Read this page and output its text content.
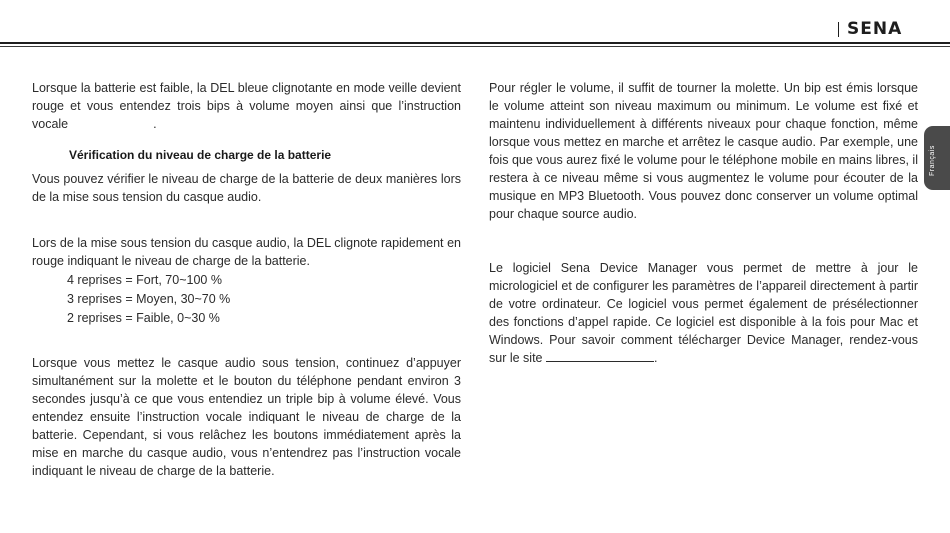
SENA
Français
Lorsque la batterie est faible, la DEL bleue clignotante en mode veille devient rouge et vous entendez trois bips à volume moyen ainsi que l’instruction vocale	.
Vérification du niveau de charge de la batterie
Vous pouvez vérifier le niveau de charge de la batterie de deux manières lors de la mise sous tension du casque audio.
Lors de la mise sous tension du casque audio, la DEL clignote rapidement en rouge indiquant le niveau de charge de la batterie.
4 reprises = Fort, 70~100 %
3 reprises = Moyen, 30~70 %
2 reprises = Faible, 0~30 %
Lorsque vous mettez le casque audio sous tension, continuez d’appuyer simultanément sur la molette et le bouton du téléphone pendant environ 3 secondes jusqu’à ce que vous entendiez un triple bip à volume élevé. Vous entendez ensuite l’instruction vocale indiquant le niveau de charge de la batterie. Cependant, si vous relâchez les boutons immédiatement après la mise en marche du casque audio, vous n’entendrez pas l’instruction vocale indiquant le niveau de charge de la batterie.
Pour régler le volume, il suffit de tourner la molette. Un bip est émis lorsque le volume atteint son niveau maximum ou minimum. Le volume est fixé et maintenu individuellement à différents niveaux pour chaque fonction, même lorsque vous mettez en marche et arrêtez le casque audio. Par exemple, une fois que vous aurez fixé le volume pour le téléphone mobile en mains libres, il restera à ce niveau même si vous augmentez le volume pour écouter de la musique en MP3 Bluetooth. Vous pouvez donc conserver un volume optimal pour chaque source audio.
Le logiciel Sena Device Manager vous permet de mettre à jour le micrologiciel et de configurer les paramètres de l’appareil directement à partir de votre ordinateur. Ce logiciel vous permet également de présélectionner des fonctions d’appel rapide. Ce logiciel est disponible à la fois pour Mac et Windows. Pour savoir comment télécharger Device Manager, rendez-vous sur le site	.
